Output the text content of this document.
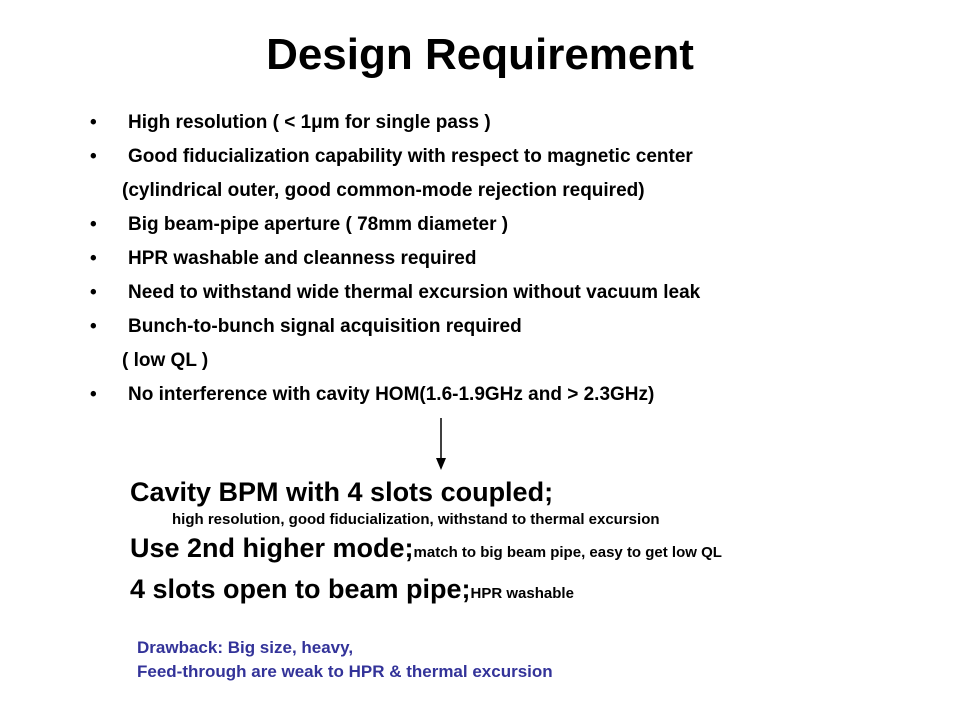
Design Requirement
• High resolution ( < 1μm for single pass )
• Good fiducialization capability with respect to magnetic center
(cylindrical outer, good common-mode rejection required)
• Big beam-pipe aperture ( 78mm diameter )
• HPR washable and cleanness required
• Need to withstand wide thermal excursion without vacuum leak
• Bunch-to-bunch signal acquisition required
( low QL )
• No interference with cavity HOM(1.6-1.9GHz and > 2.3GHz)
Cavity BPM with 4 slots coupled;
high resolution, good fiducialization, withstand to thermal excursion
Use 2nd higher mode;match to big beam pipe, easy to get low QL
4 slots open to beam pipe;HPR washable
Drawback: Big size, heavy,
Feed-through are weak to HPR & thermal excursion
